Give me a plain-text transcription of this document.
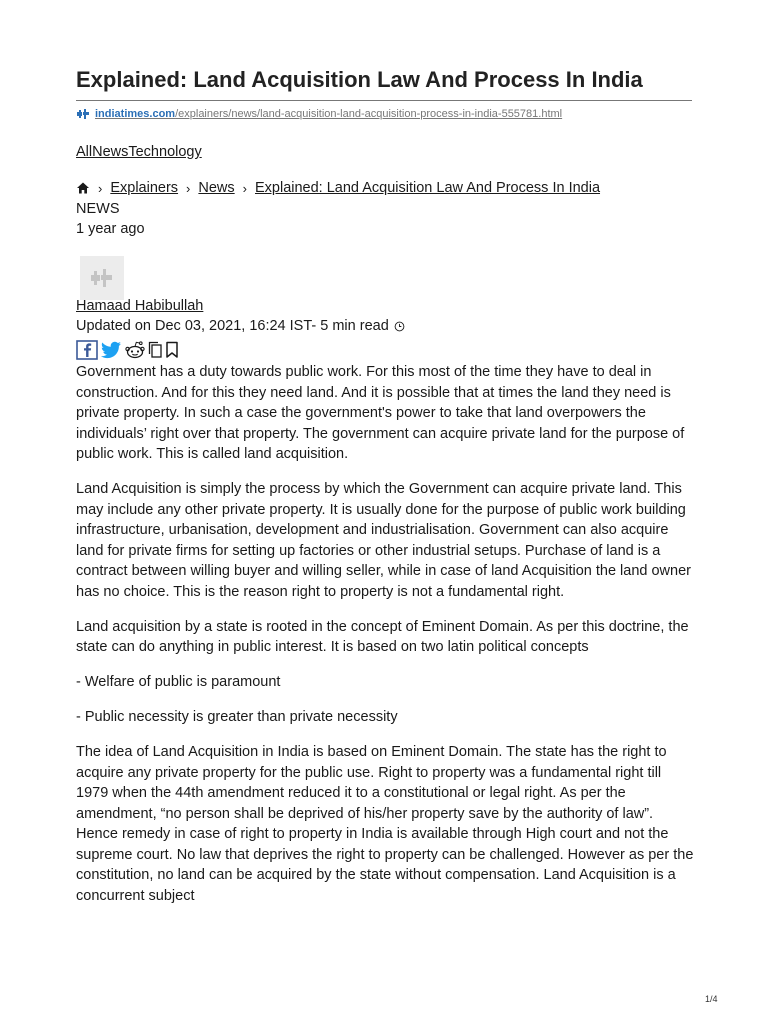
Explained: Land Acquisition Law And Process In India
indiatimes.com/explainers/news/land-acquisition-land-acquisition-process-in-india-555781.html
AllNewsTechnology
› Explainers › News › Explained: Land Acquisition Law And Process In India
NEWS
1 year ago
Hamaad Habibullah
Updated on Dec 03, 2021, 16:24 IST- 5 min read

Government has a duty towards public work. For this most of the time they have to deal in construction. And for this they need land. And it is possible that at times the land they need is private property. In such a case the government's power to take that land overpowers the individuals’ right over that property. The government can acquire private land for the purpose of public work. This is called land acquisition.

Land Acquisition is simply the process by which the Government can acquire private land. This may include any other private property. It is usually done for the purpose of public work building infrastructure, urbanisation, development and industrialisation. Government can also acquire land for private firms for setting up factories or other industrial setups. Purchase of land is a contract between willing buyer and willing seller, while in case of land Acquisition the land owner has no choice. This is the reason right to property is not a fundamental right.

Land acquisition by a state is rooted in the concept of Eminent Domain. As per this doctrine, the state can do anything in public interest. It is based on two latin political concepts

- Welfare of public is paramount

- Public necessity is greater than private necessity

The idea of Land Acquisition in India is based on Eminent Domain. The state has the right to acquire any private property for the public use. Right to property was a fundamental right till 1979 when the 44th amendment reduced it to a constitutional or legal right. As per the amendment, “no person shall be deprived of his/her property save by the authority of law”. Hence remedy in case of right to property in India is available through High court and not the supreme court. No law that deprives the right to property can be challenged. However as per the constitution, no land can be acquired by the state without compensation. Land Acquisition is a concurrent subject

1/4
